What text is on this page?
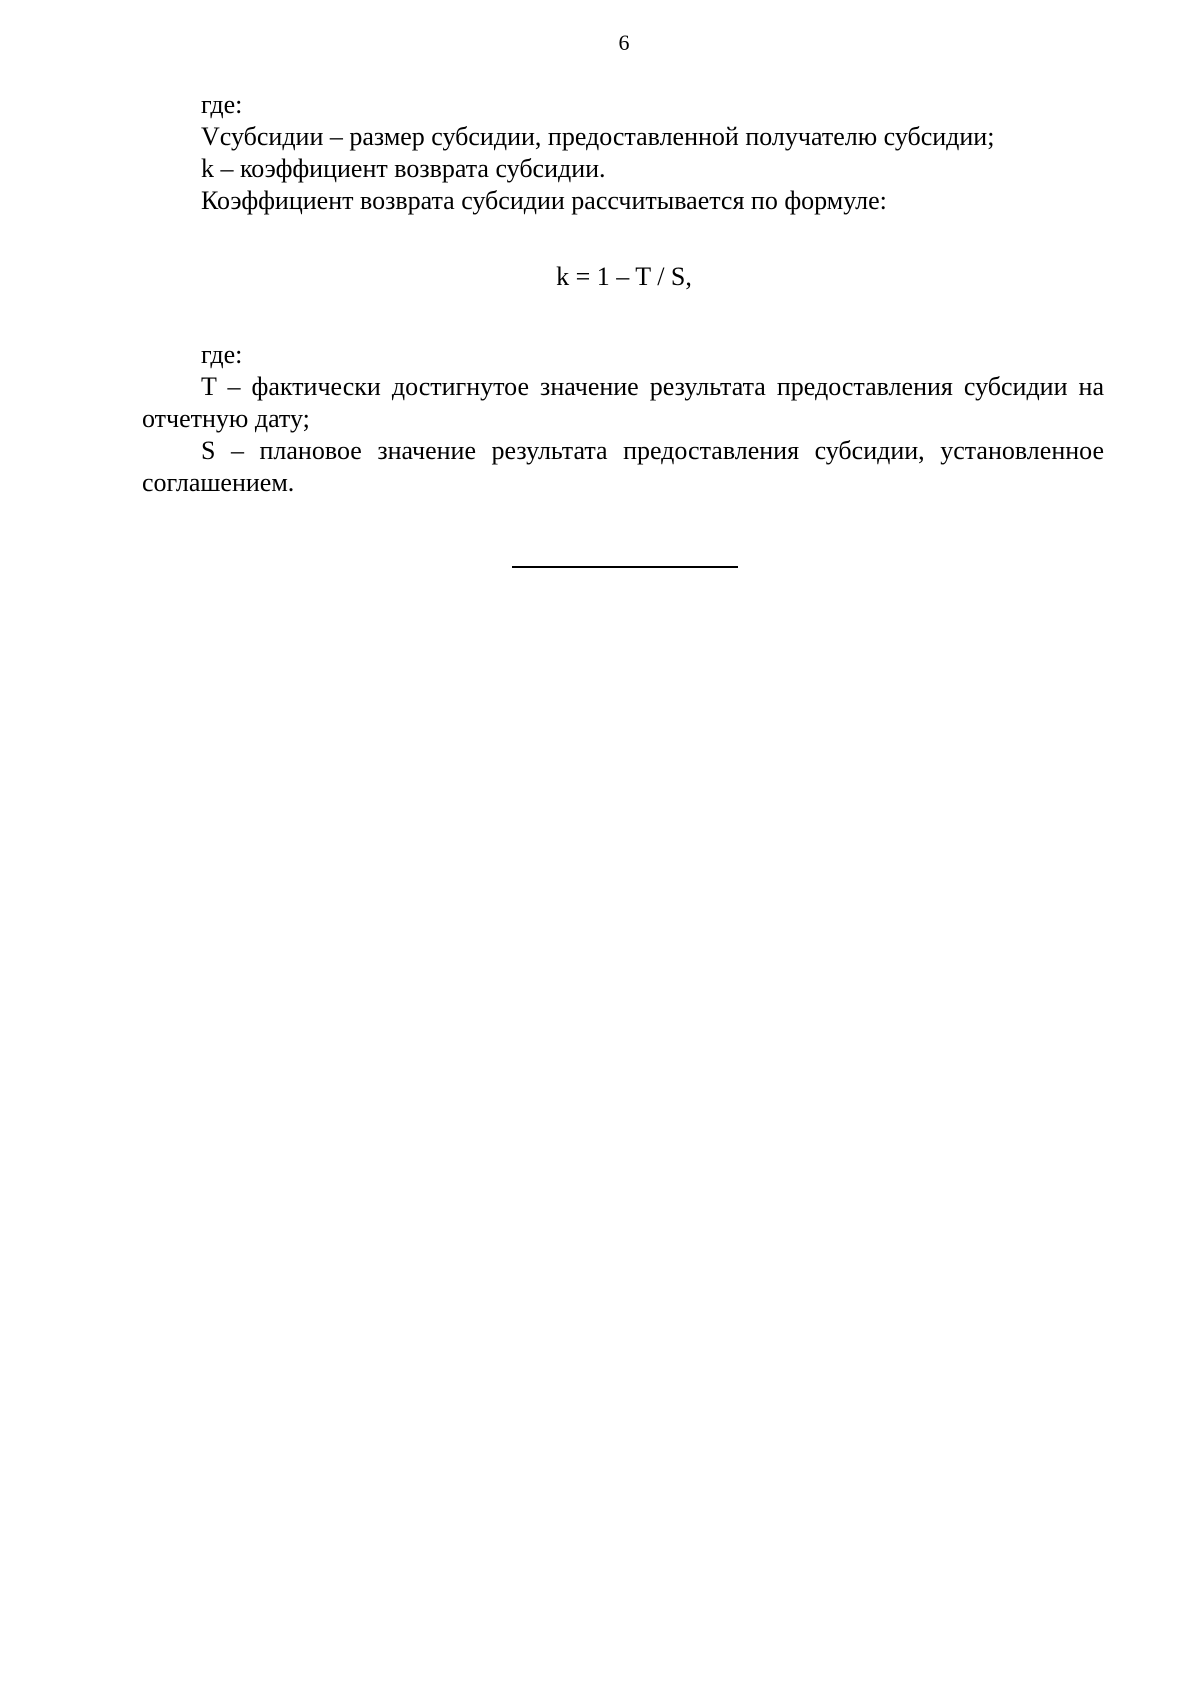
6

где:

Vсубсидии – размер субсидии, предоставленной получателю субсидии;

k – коэффициент возврата субсидии.

Коэффициент возврата субсидии рассчитывается по формуле:

k = 1 – T / S,

где:

T – фактически достигнутое значение результата предоставления субсидии на отчетную дату;

S – плановое значение результата предоставления субсидии, установленное соглашением.
